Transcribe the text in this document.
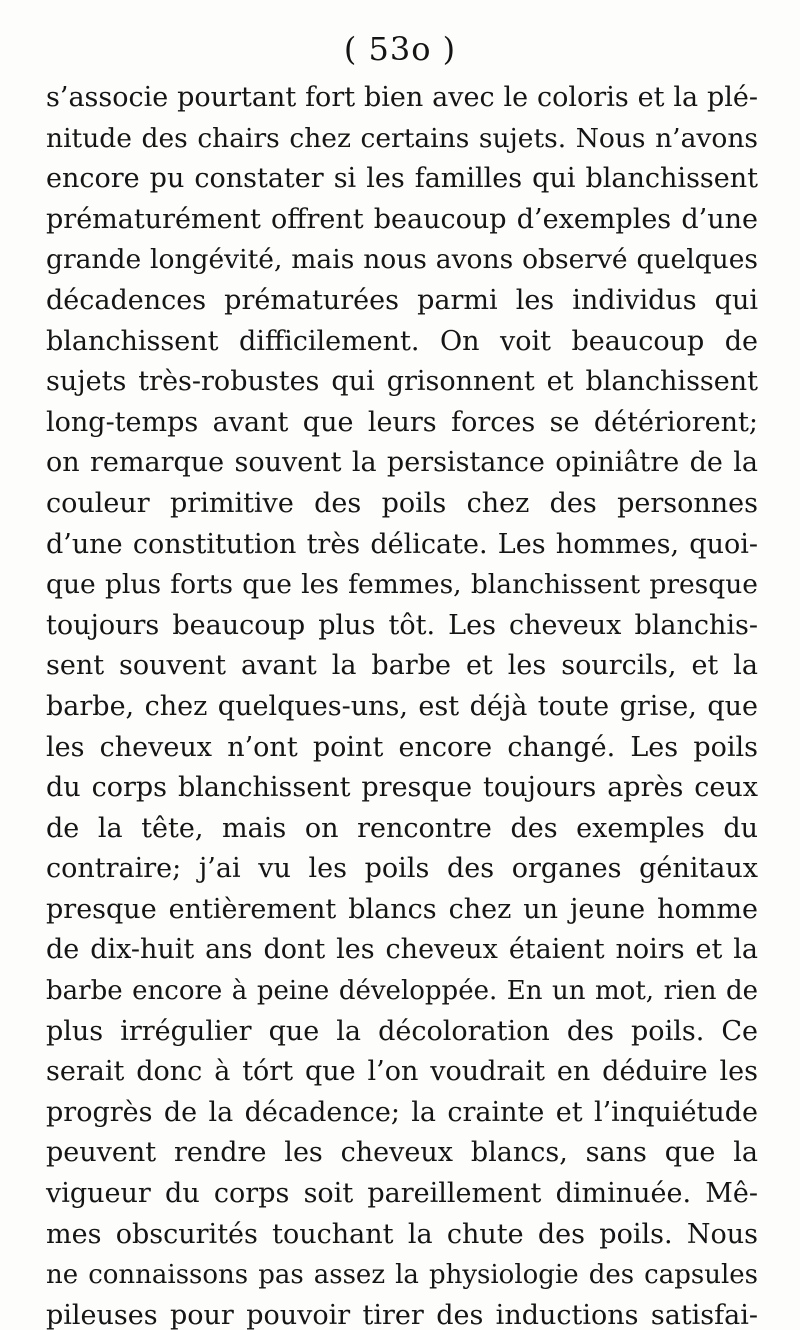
( 53o )
s’associe pourtant fort bien avec le coloris et la plé-
nitude des chairs chez certains sujets. Nous n’avons
encore pu constater si les familles qui blanchissent
prématurément offrent beaucoup d’exemples d’une
grande longévité, mais nous avons observé quelques
décadences prématurées parmi les individus qui
blanchissent difficilement. On voit beaucoup de
sujets très-robustes qui grisonnent et blanchissent
long-temps avant que leurs forces se détériorent;
on remarque souvent la persistance opiniâtre de la
couleur primitive des poils chez des personnes
d’une constitution très délicate. Les hommes, quoi-
que plus forts que les femmes, blanchissent presque
toujours beaucoup plus tôt. Les cheveux blanchis-
sent souvent avant la barbe et les sourcils, et la
barbe, chez quelques-uns, est déjà toute grise, que
les cheveux n’ont point encore changé. Les poils
du corps blanchissent presque toujours après ceux
de la tête, mais on rencontre des exemples du
contraire; j’ai vu les poils des organes génitaux
presque entièrement blancs chez un jeune homme
de dix-huit ans dont les cheveux étaient noirs et la
barbe encore à peine développée. En un mot, rien de
plus irrégulier que la décoloration des poils. Ce
serait donc à tórt que l’on voudrait en déduire les
progrès de la décadence; la crainte et l’inquiétude
peuvent rendre les cheveux blancs, sans que la
vigueur du corps soit pareillement diminuée. Mê-
mes obscurités touchant la chute des poils. Nous
ne connaissons pas assez la physiologie des capsules
pileuses pour pouvoir tirer des inductions satisfai-
